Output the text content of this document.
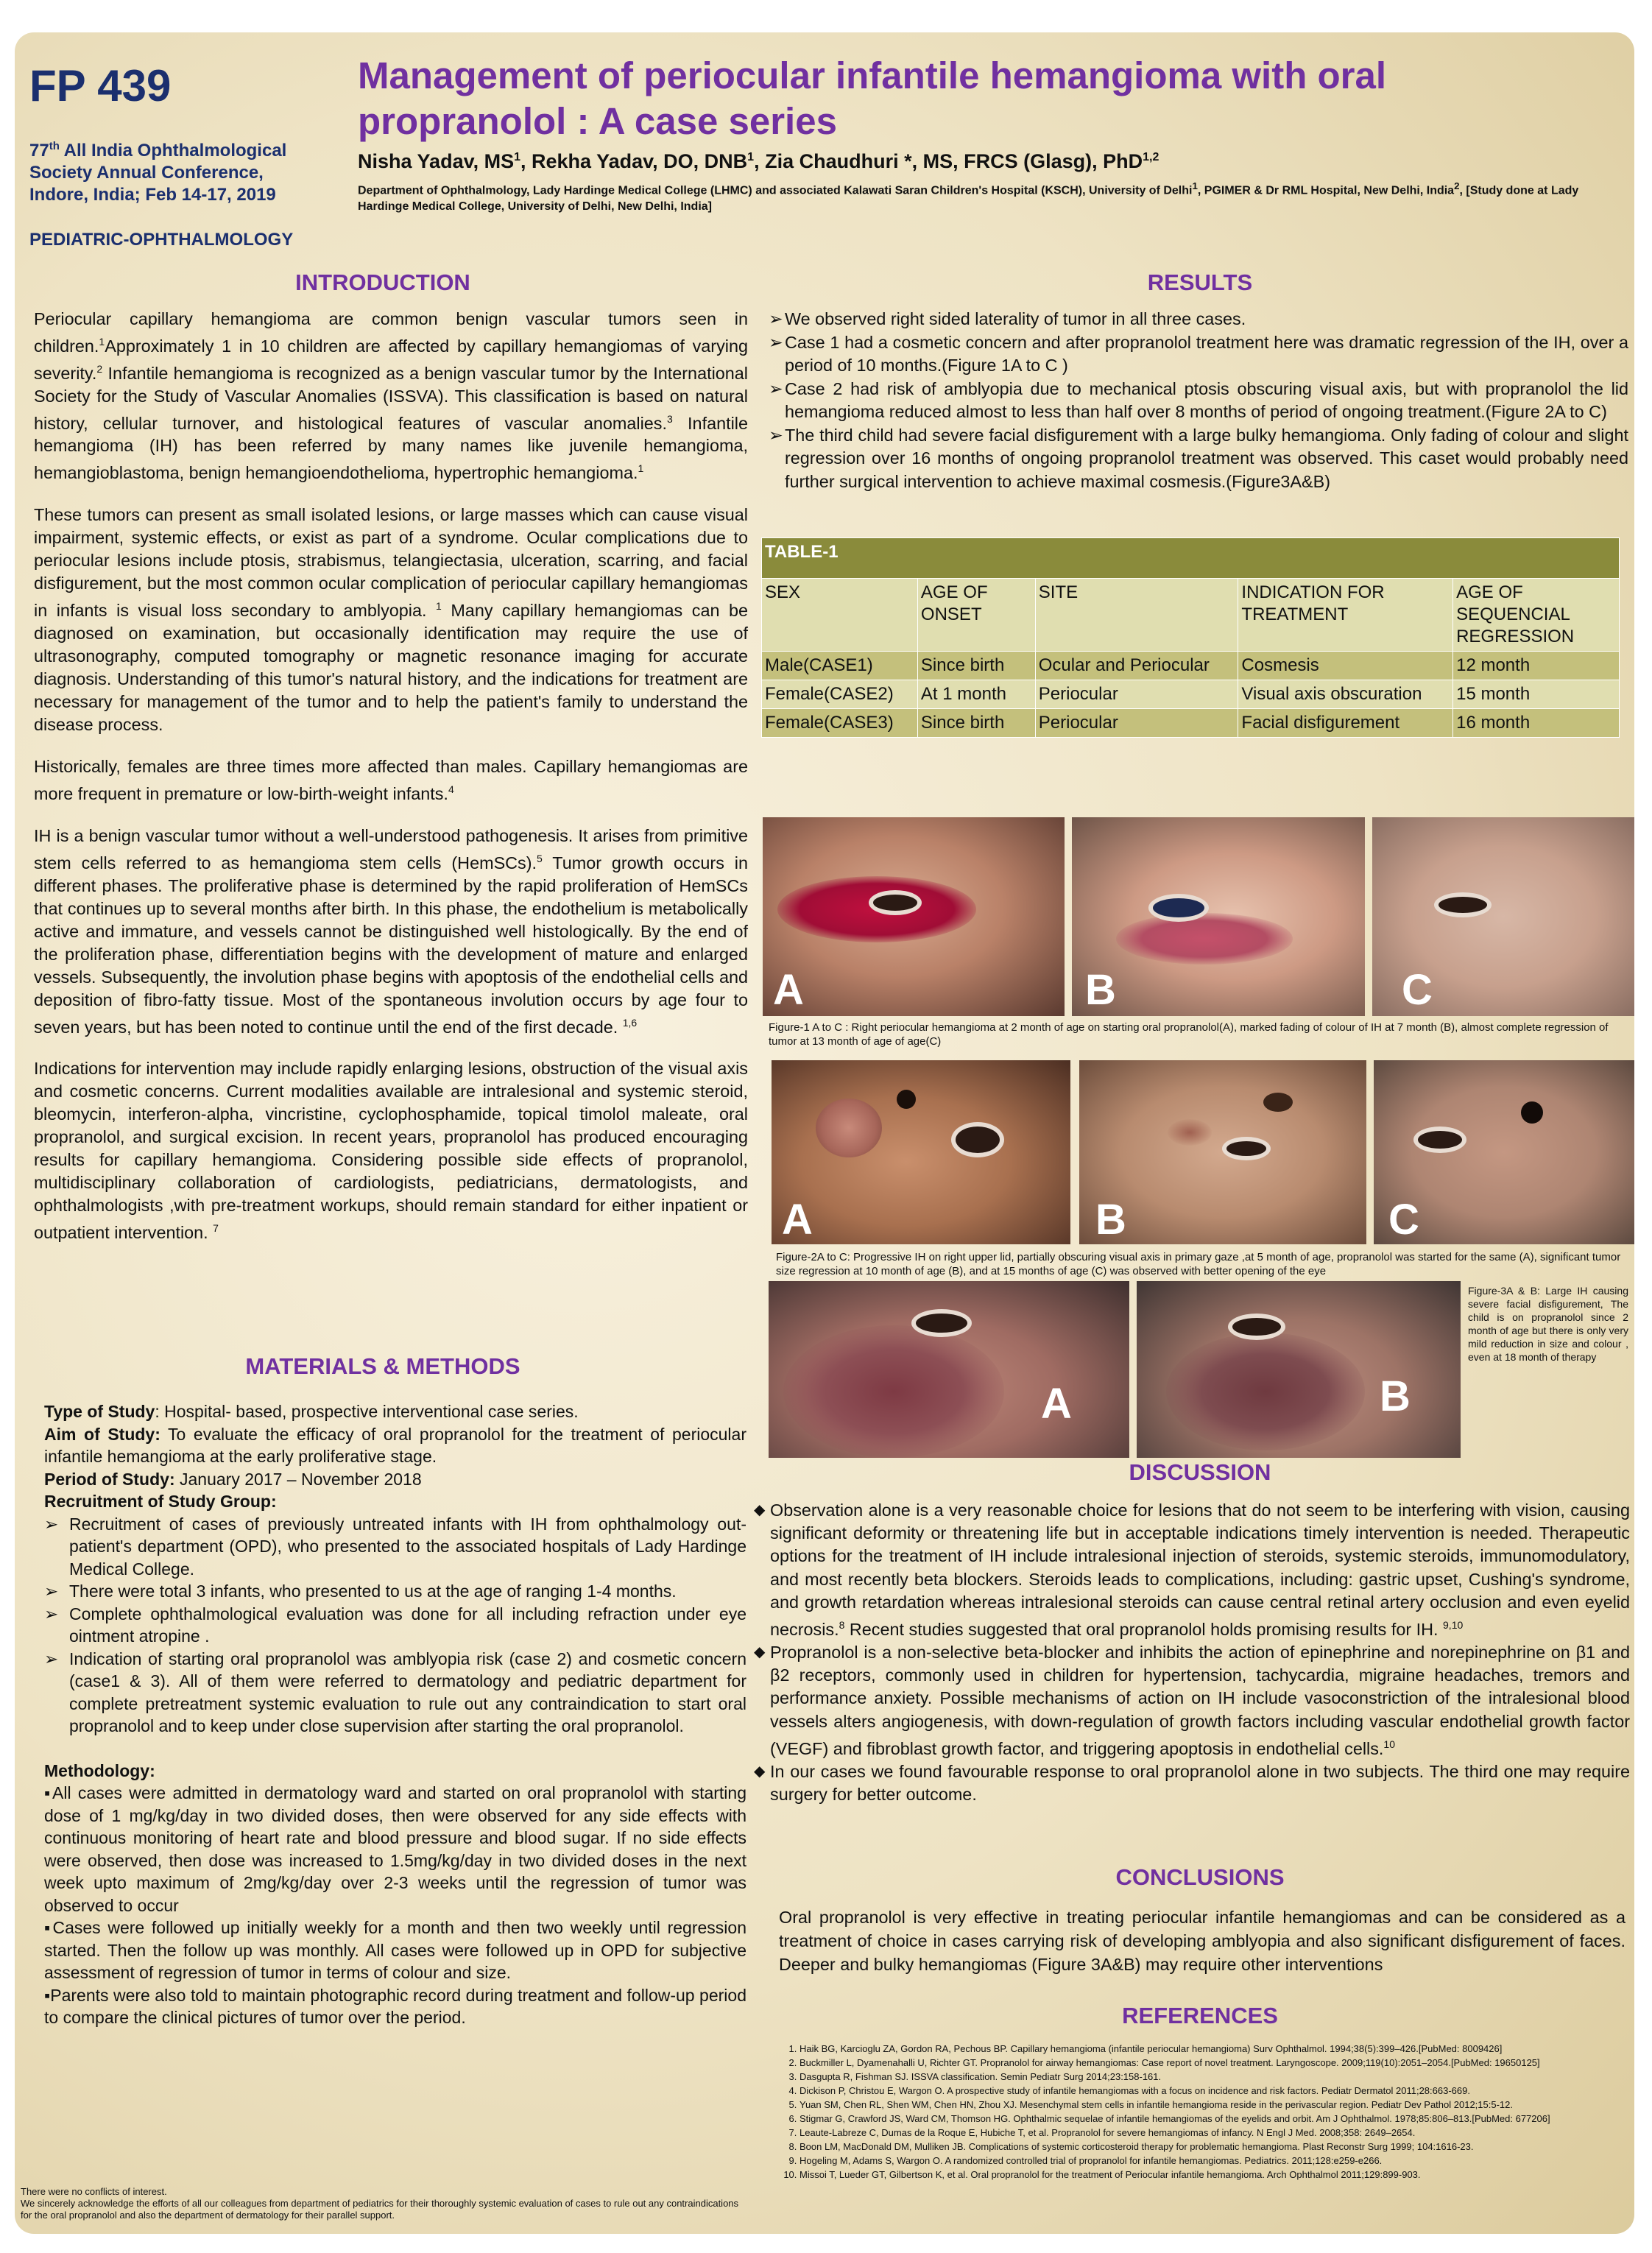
FP 439
77th All India Ophthalmological
Society Annual Conference,
Indore, India; Feb 14-17, 2019
PEDIATRIC-OPHTHALMOLOGY
Management of periocular infantile hemangioma with oral
propranolol : A case series
Nisha Yadav, $MS^1$, Rekha Yadav, DO, DNB$^1$, Zia Chaudhuri *, MS, FRCS (Glasg), PhD$^{1,2}$
Department of Ophthalmology, Lady Hardinge Medical College (LHMC) and associated Kalawati Saran Children's Hospital (KSCH), University of Delhi$^1$, PGIMER & Dr RML Hospital, New Delhi, India$^2$, [Study done at Lady Hardinge Medical College, University of Delhi, New Delhi, India]
INTRODUCTION

Periocular capillary hemangioma are common benign vascular tumors seen in children.$^1$Approximately 1 in 10 children are affected by capillary hemangiomas of varying severity.$^2$ Infantile hemangioma is recognized as a benign vascular tumor by the International Society for the Study of Vascular Anomalies (ISSVA). This classification is based on natural history, cellular turnover, and histological features of vascular anomalies.$^3$ Infantile hemangioma (IH) has been referred by many names like juvenile hemangioma, hemangioblastoma, benign hemangioendothelioma, hypertrophic hemangioma.$^1$

These tumors can present as small isolated lesions, or large masses which can cause visual impairment, systemic effects, or exist as part of a syndrome. Ocular complications due to periocular lesions include ptosis, strabismus, telangiectasia, ulceration, scarring, and facial disfigurement, but the most common ocular complication of periocular capillary hemangiomas in infants is visual loss secondary to amblyopia. $^1$ Many capillary hemangiomas can be diagnosed on examination, but occasionally identification may require the use of ultrasonography, computed tomography or magnetic resonance imaging for accurate diagnosis. Understanding of this tumor's natural history, and the indications for treatment are necessary for management of the tumor and to help the patient's family to understand the disease process.

Historically, females are three times more affected than males. Capillary hemangiomas are more frequent in premature or low-birth-weight infants.$^4$

IH is a benign vascular tumor without a well-understood pathogenesis. It arises from primitive stem cells referred to as hemangioma stem cells (HemSCs).$^5$ Tumor growth occurs in different phases. The proliferative phase is determined by the rapid proliferation of HemSCs that continues up to several months after birth. In this phase, the endothelium is metabolically active and immature, and vessels cannot be distinguished well histologically. By the end of the proliferation phase, differentiation begins with the development of mature and enlarged vessels. Subsequently, the involution phase begins with apoptosis of the endothelial cells and deposition of fibro-fatty tissue. Most of the spontaneous involution occurs by age four to seven years, but has been noted to continue until the end of the first decade. $^{1,6}$

Indications for intervention may include rapidly enlarging lesions, obstruction of the visual axis and cosmetic concerns. Current modalities available are intralesional and systemic steroid, bleomycin, interferon-alpha, vincristine, cyclophosphamide, topical timolol maleate, oral propranolol, and surgical excision. In recent years, propranolol has produced encouraging results for capillary hemangioma. Considering possible side effects of propranolol, multidisciplinary collaboration of cardiologists, pediatricians, dermatologists, and ophthalmologists ,with pre-treatment workups, should remain standard for either inpatient or outpatient intervention. $^7$

MATERIALS & METHODS
Type of Study: Hospital- based, prospective interventional case series.
Aim of Study: To evaluate the efficacy of oral propranolol for the treatment of periocular infantile hemangioma at the early proliferative stage.
Period of Study: January 2017 – November 2018
Recruitment of Study Group:
➢ Recruitment of cases of previously untreated infants with IH from ophthalmology out-patient's department (OPD), who presented to the associated hospitals of Lady Hardinge Medical College.
➢ There were total 3 infants, who presented to us at the age of ranging 1-4 months.
➢ Complete ophthalmological evaluation was done for all including refraction under eye ointment atropine .
➢ Indication of starting oral propranolol was amblyopia risk (case 2) and cosmetic concern (case1 & 3). All of them were referred to dermatology and pediatric department for complete pretreatment systemic evaluation to rule out any contraindication to start oral propranolol and to keep under close supervision after starting the oral propranolol.
Methodology:
▪All cases were admitted in dermatology ward and started on oral propranolol with starting dose of 1 mg/kg/day in two divided doses, then were observed for any side effects with continuous monitoring of heart rate and blood pressure and blood sugar. If no side effects were observed, then dose was increased to 1.5mg/kg/day in two divided doses in the next week upto maximum of 2mg/kg/day over 2-3 weeks until the regression of tumor was observed to occur
▪Cases were followed up initially weekly for a month and then two weekly until regression started. Then the follow up was monthly. All cases were followed up in OPD for subjective assessment of regression of tumor in terms of colour and size.
▪Parents were also told to maintain photographic record during treatment and follow-up period to compare the clinical pictures of tumor over the period.
There were no conflicts of interest.
We sincerely acknowledge the efforts of all our colleagues from department of pediatrics for their thoroughly systemic evaluation of cases to rule out any contraindications for the oral propranolol and also the department of dermatology for their parallel support.
RESULTS
➢ We observed right sided laterality of tumor in all three cases.
➢ Case 1 had a cosmetic concern and after propranolol treatment here was dramatic regression of the IH, over a period of 10 months.(Figure 1A to C )
➢ Case 2 had risk of amblyopia due to mechanical ptosis obscuring visual axis, but with propranolol the lid hemangioma reduced almost to less than half over 8 months of period of ongoing treatment.(Figure 2A to C)
➢ The third child had severe facial disfigurement with a large bulky hemangioma. Only fading of colour and slight regression over 16 months of ongoing propranolol treatment was observed. This caset would probably need further surgical intervention to achieve maximal cosmesis.(Figure3A&B)
TABLE-1				
SEX	AGE OF ONSET	SITE	INDICATION FOR TREATMENT	AGE OF SEQUENCIAL REGRESSION
Male(CASE1)	Since birth	Ocular and Periocular	Cosmesis	12 month
Female(CASE2)	At 1 month	Periocular	Visual axis obscuration	15 month
Female(CASE3)	Since birth	Periocular	Facial disfigurement	16 month
A	B	C
Figure-1 A to C : Right periocular hemangioma at 2 month of age on starting oral propranolol(A), marked fading of colour of IH at 7 month (B), almost complete regression of tumor at 13 month of age of age(C)
A	B	C
Figure-2A to C: Progressive IH on right upper lid, partially obscuring visual axis in primary gaze ,at 5 month of age, propranolol was started for the same (A), significant tumor size regression at 10 month of age (B), and at 15 months of age (C) was observed with better opening of the eye
A	B
Figure-3A & B: Large IH causing severe facial disfigurement, The child is on propranolol since 2 month of age but there is only very mild reduction in size and colour , even at 18 month of therapy
DISCUSSION
◆ Observation alone is a very reasonable choice for lesions that do not seem to be interfering with vision, causing significant deformity or threatening life but in acceptable indications timely intervention is needed. Therapeutic options for the treatment of IH include intralesional injection of steroids, systemic steroids, immunomodulatory, and most recently beta blockers. Steroids leads to complications, including: gastric upset, Cushing's syndrome, and growth retardation whereas intralesional steroids can cause central retinal artery occlusion and even eyelid necrosis.$^8$ Recent studies suggested that oral propranolol holds promising results for IH. $^{9,10}$
◆ Propranolol is a non-selective beta-blocker and inhibits the action of epinephrine and norepinephrine on β1 and β2 receptors, commonly used in children for hypertension, tachycardia, migraine headaches, tremors and performance anxiety. Possible mechanisms of action on IH include vasoconstriction of the intralesional blood vessels alters angiogenesis, with down-regulation of growth factors including vascular endothelial growth factor (VEGF) and fibroblast growth factor, and triggering apoptosis in endothelial cells.$^{10}$
◆ In our cases we found favourable response to oral propranolol alone in two subjects. The third one may require surgery for better outcome.
CONCLUSIONS
Oral propranolol is very effective in treating periocular infantile hemangiomas and can be considered as a treatment of choice in cases carrying risk of developing amblyopia and also significant disfigurement of faces. Deeper and bulky hemangiomas (Figure 3A&B) may require other interventions
REFERENCES
1. Haik BG, Karcioglu ZA, Gordon RA, Pechous BP. Capillary hemangioma (infantile periocular hemangioma) Surv Ophthalmol. 1994;38(5):399–426.[PubMed: 8009426]
2. Buckmiller L, Dyamenahalli U, Richter GT. Propranolol for airway hemangiomas: Case report of novel treatment. Laryngoscope. 2009;119(10):2051–2054.[PubMed: 19650125]
3. Dasgupta R, Fishman SJ. ISSVA classification. Semin Pediatr Surg 2014;23:158-161.
4. Dickison P, Christou E, Wargon O. A prospective study of infantile hemangiomas with a focus on incidence and risk factors. Pediatr Dermatol 2011;28:663-669.
5. Yuan SM, Chen RL, Shen WM, Chen HN, Zhou XJ. Mesenchymal stem cells in infantile hemangioma reside in the perivascular region. Pediatr Dev Pathol 2012;15:5-12.
6. Stigmar G, Crawford JS, Ward CM, Thomson HG. Ophthalmic sequelae of infantile hemangiomas of the eyelids and orbit. Am J Ophthalmol. 1978;85:806–813.[PubMed: 677206]
7. Leaute-Labreze C, Dumas de la Roque E, Hubiche T, et al. Propranolol for severe hemangiomas of infancy. N Engl J Med. 2008;358: 2649–2654.
8. Boon LM, MacDonald DM, Mulliken JB. Complications of systemic corticosteroid therapy for problematic hemangioma. Plast Reconstr Surg 1999; 104:1616-23.
9. Hogeling M, Adams S, Wargon O. A randomized controlled trial of propranolol for infantile hemangiomas. Pediatrics. 2011;128:e259-e266.
10. Missoi T, Lueder GT, Gilbertson K, et al. Oral propranolol for the treatment of Periocular infantile hemangioma. Arch Ophthalmol 2011;129:899-903.
